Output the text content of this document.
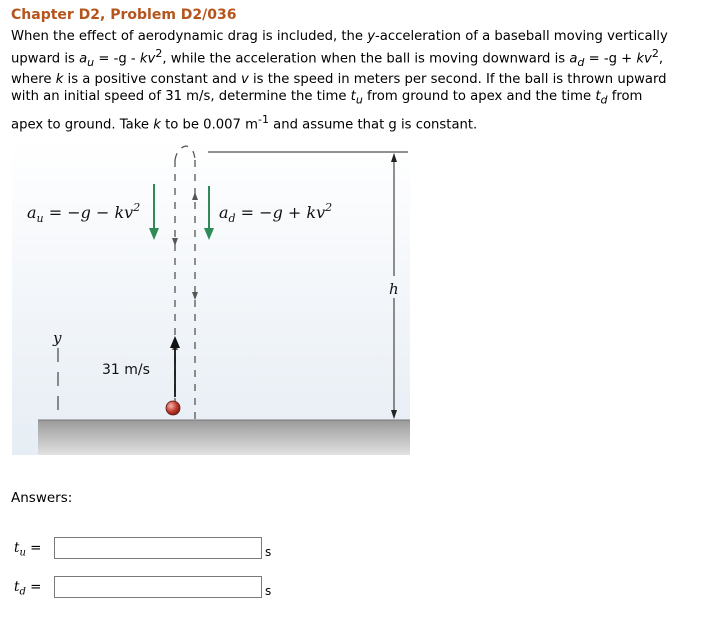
Chapter D2, Problem D2/036
When the effect of aerodynamic drag is included, the y-acceleration of a baseball moving vertically
upward is $a_u = -g - kv^2$, while the acceleration when the ball is moving downward is $a_d = -g + kv^2$,
where k is a positive constant and v is the speed in meters per second. If the ball is thrown upward
with an initial speed of 31 m/s, determine the time $t_u$ from ground to apex and the time $t_d$ from
apex to ground. Take k to be 0.007 $m^{-1}$ and assume that g is constant.
$a_u = -g - kv^2$	$a_d = -g + kv^2$
h
y
31 m/s
Answers:
$t_u$ =	s
$t_d$ =	s
